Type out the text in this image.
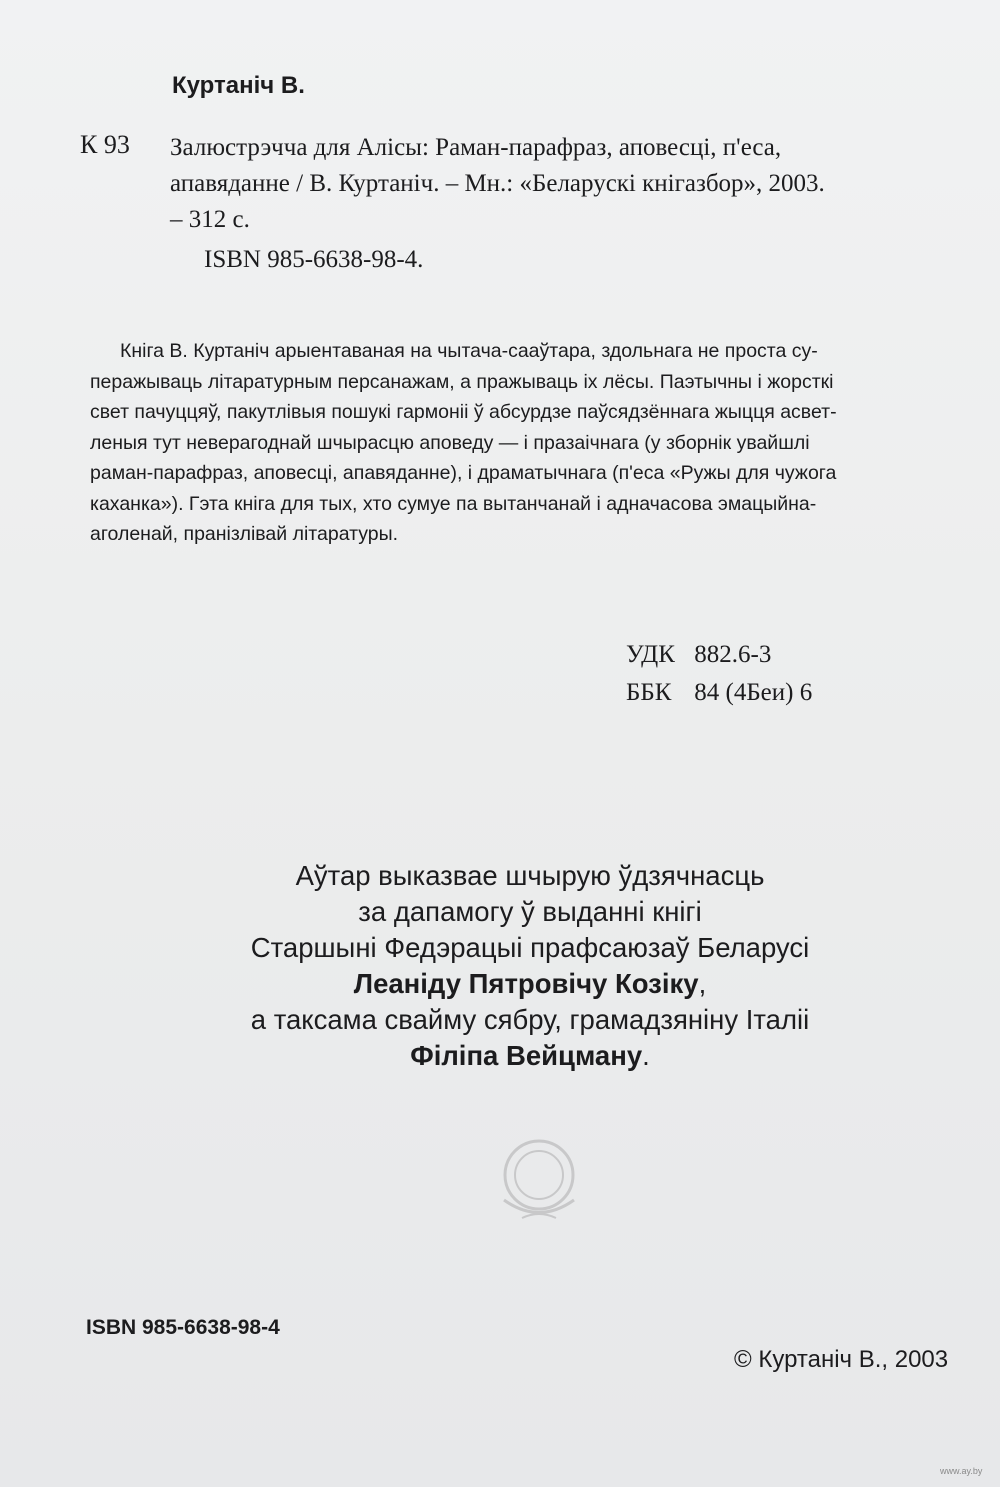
Куртаніч В.
К 93 Залюстрэчча для Алісы: Раман-парафраз, аповесці, п'еса,
апавяданне / В. Куртаніч. – Мн.: «Беларускі кнігазбор», 2003.
– 312 с.
ISBN 985-6638-98-4.
Кніга В. Куртаніч арыентаваная на чытача-сааўтара, здольнага не проста су-
перажываць літаратурным персанажам, а пражываць іх лёсы. Паэтычны і жорсткі
свет пачуццяў, пакутлівыя пошукі гармоніі ў абсурдзе паўсядзённага жыцця асвет-
леныя тут неверагоднай шчырасцю аповеду — і празаічнага (у зборнік увайшлі
раман-парафраз, аповесці, апавяданне), і драматычнага (п'еса «Ружы для чужога
каханка»). Гэта кніга для тых, хто сумуе па вытанчанай і адначасова эмацыйна-
аголенай, пранізлівай літаратуры.
УДК 882.6-3
ББК 84 (4Беи) 6
Аўтар выказвае шчырую ўдзячнасць
за дапамогу ў выданні кнігі
Старшыні Федэрацыі прафсаюзаў Беларусі
Леаніду Пятровічу Козіку,
а таксама свайму сябру, грамадзяніну Італіі
Філіпа Вейцману.
ISBN 985-6638-98-4
© Куртаніч В., 2003
www.ay.by
